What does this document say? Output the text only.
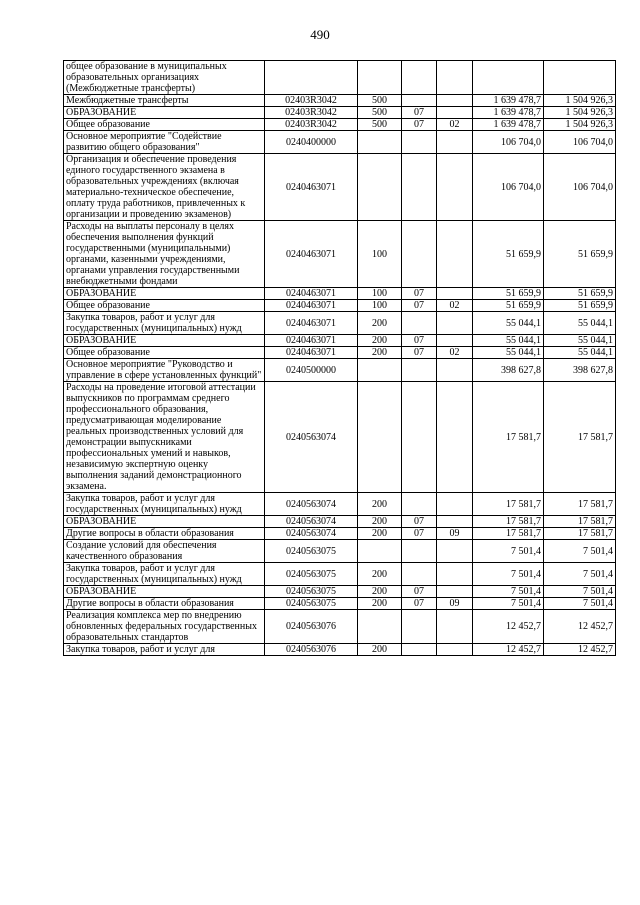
490
общее образование в муниципальных образовательных организациях (Межбюджетные трансферты)						
Межбюджетные трансферты	02403R3042	500			1 639 478,7	1 504 926,3
ОБРАЗОВАНИЕ	02403R3042	500	07		1 639 478,7	1 504 926,3
Общее образование	02403R3042	500	07	02	1 639 478,7	1 504 926,3
Основное мероприятие "Содействие развитию общего образования"	0240400000				106 704,0	106 704,0
Организация и обеспечение проведения единого государственного экзамена в образовательных учреждениях (включая материально-техническое обеспечение, оплату труда работников, привлеченных к организации и проведению экзаменов)	0240463071				106 704,0	106 704,0
Расходы на выплаты персоналу в целях обеспечения выполнения функций государственными (муниципальными) органами, казенными учреждениями, органами управления государственными внебюджетными фондами	0240463071	100			51 659,9	51 659,9
ОБРАЗОВАНИЕ	0240463071	100	07		51 659,9	51 659,9
Общее образование	0240463071	100	07	02	51 659,9	51 659,9
Закупка товаров, работ и услуг для государственных (муниципальных) нужд	0240463071	200			55 044,1	55 044,1
ОБРАЗОВАНИЕ	0240463071	200	07		55 044,1	55 044,1
Общее образование	0240463071	200	07	02	55 044,1	55 044,1
Основное мероприятие "Руководство и управление в сфере установленных функций"	0240500000				398 627,8	398 627,8
Расходы на проведение итоговой аттестации выпускников по программам среднего профессионального образования, предусматривающая моделирование реальных производственных условий для демонстрации выпускниками профессиональных умений и навыков, независимую экспертную оценку выполнения заданий демонстрационного экзамена.	0240563074				17 581,7	17 581,7
Закупка товаров, работ и услуг для государственных (муниципальных) нужд	0240563074	200			17 581,7	17 581,7
ОБРАЗОВАНИЕ	0240563074	200	07		17 581,7	17 581,7
Другие вопросы в области образования	0240563074	200	07	09	17 581,7	17 581,7
Создание условий для обеспечения качественного образования	0240563075				7 501,4	7 501,4
Закупка товаров, работ и услуг для государственных (муниципальных) нужд	0240563075	200			7 501,4	7 501,4
ОБРАЗОВАНИЕ	0240563075	200	07		7 501,4	7 501,4
Другие вопросы в области образования	0240563075	200	07	09	7 501,4	7 501,4
Реализация комплекса мер по внедрению обновленных федеральных государственных образовательных стандартов	0240563076				12 452,7	12 452,7
Закупка товаров, работ и услуг для	0240563076	200			12 452,7	12 452,7
